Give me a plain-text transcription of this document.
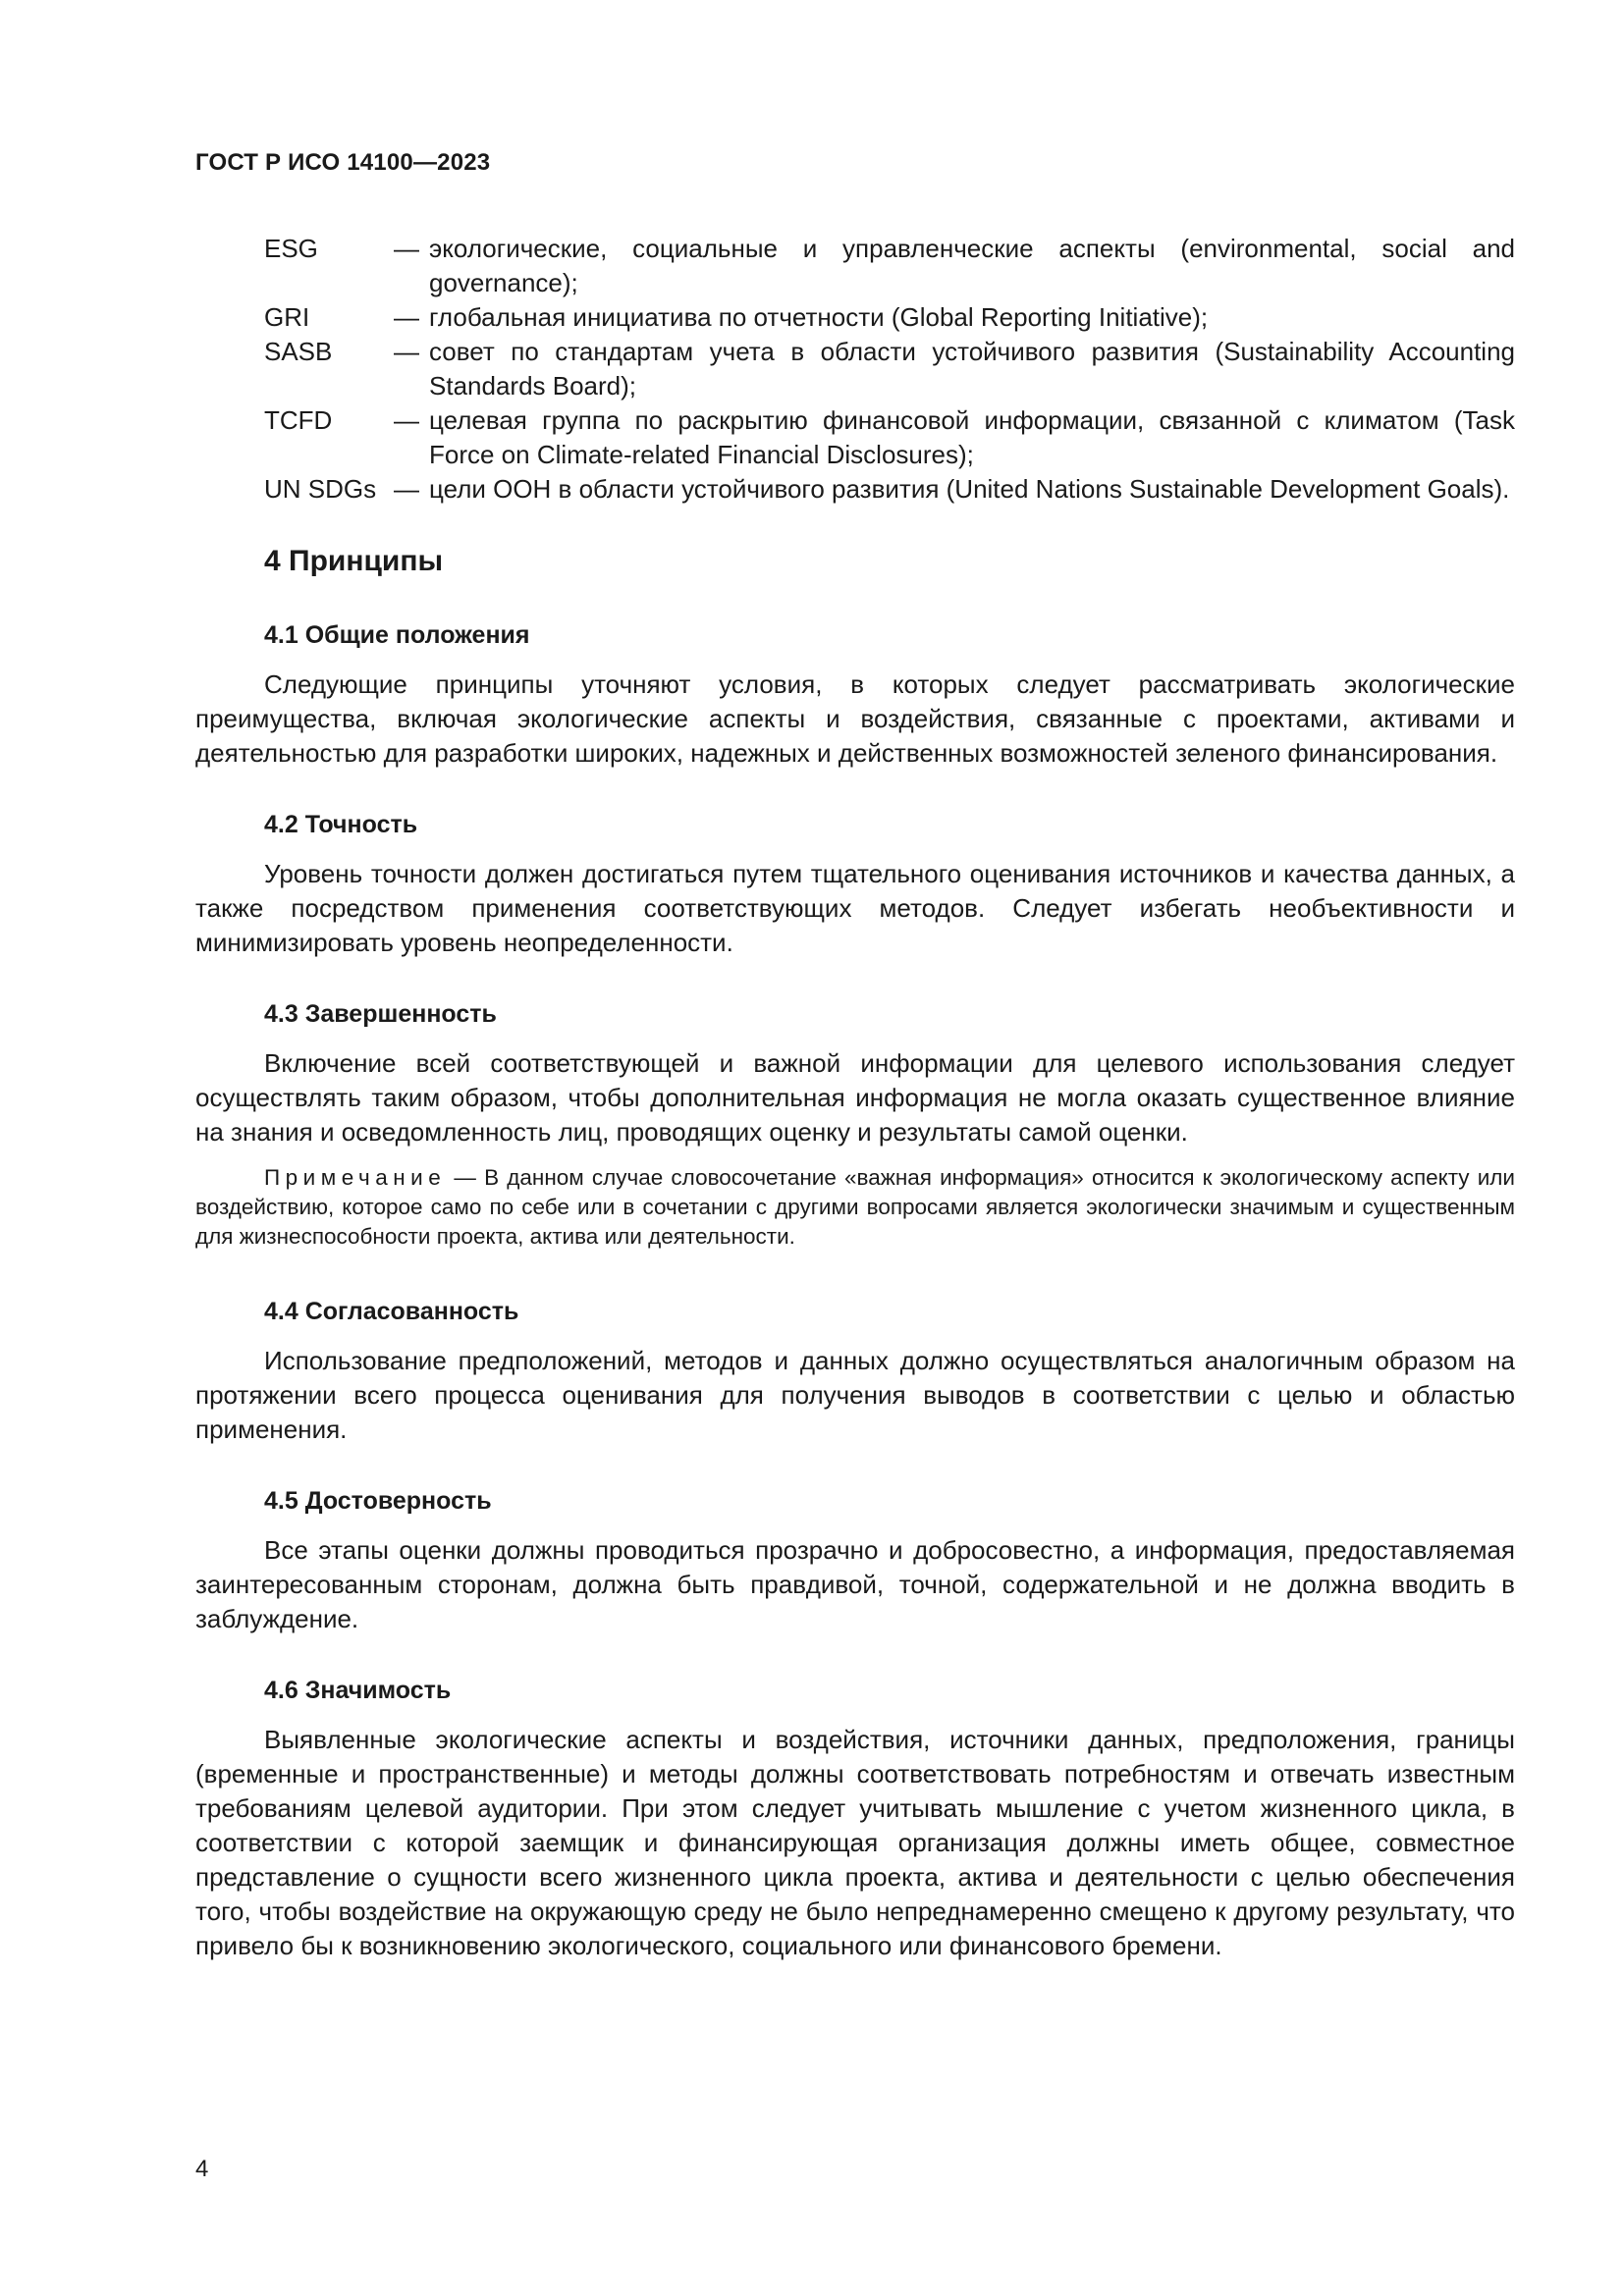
ГОСТ Р ИСО 14100—2023
ESG	— экологические, социальные и управленческие аспекты (environmental, social and governance);
GRI	— глобальная инициатива по отчетности (Global Reporting Initiative);
SASB	— совет по стандартам учета в области устойчивого развития (Sustainability Accounting Standards Board);
TCFD	— целевая группа по раскрытию финансовой информации, связанной с климатом (Task Force on Climate-related Financial Disclosures);
UN SDGs — цели ООН в области устойчивого развития (United Nations Sustainable Development Goals).
4 Принципы
4.1 Общие положения

Следующие принципы уточняют условия, в которых следует рассматривать экологические преимущества, включая экологические аспекты и воздействия, связанные с проектами, активами и деятельностью для разработки широких, надежных и действенных возможностей зеленого финансирования.

4.2 Точность

Уровень точности должен достигаться путем тщательного оценивания источников и качества данных, а также посредством применения соответствующих методов. Следует избегать необъективности и минимизировать уровень неопределенности.

4.3 Завершенность

Включение всей соответствующей и важной информации для целевого использования следует осуществлять таким образом, чтобы дополнительная информация не могла оказать существенное влияние на знания и осведомленность лиц, проводящих оценку и результаты самой оценки.

Примечание — В данном случае словосочетание «важная информация» относится к экологическому аспекту или воздействию, которое само по себе или в сочетании с другими вопросами является экологически значимым и существенным для жизнеспособности проекта, актива или деятельности.

4.4 Согласованность

Использование предположений, методов и данных должно осуществляться аналогичным образом на протяжении всего процесса оценивания для получения выводов в соответствии с целью и областью применения.

4.5 Достоверность

Все этапы оценки должны проводиться прозрачно и добросовестно, а информация, предоставляемая заинтересованным сторонам, должна быть правдивой, точной, содержательной и не должна вводить в заблуждение.

4.6 Значимость

Выявленные экологические аспекты и воздействия, источники данных, предположения, границы (временные и пространственные) и методы должны соответствовать потребностям и отвечать известным требованиям целевой аудитории. При этом следует учитывать мышление с учетом жизненного цикла, в соответствии с которой заемщик и финансирующая организация должны иметь общее, совместное представление о сущности всего жизненного цикла проекта, актива и деятельности с целью обеспечения того, чтобы воздействие на окружающую среду не было непреднамеренно смещено к другому результату, что привело бы к возникновению экологического, социального или финансового бремени.

4
